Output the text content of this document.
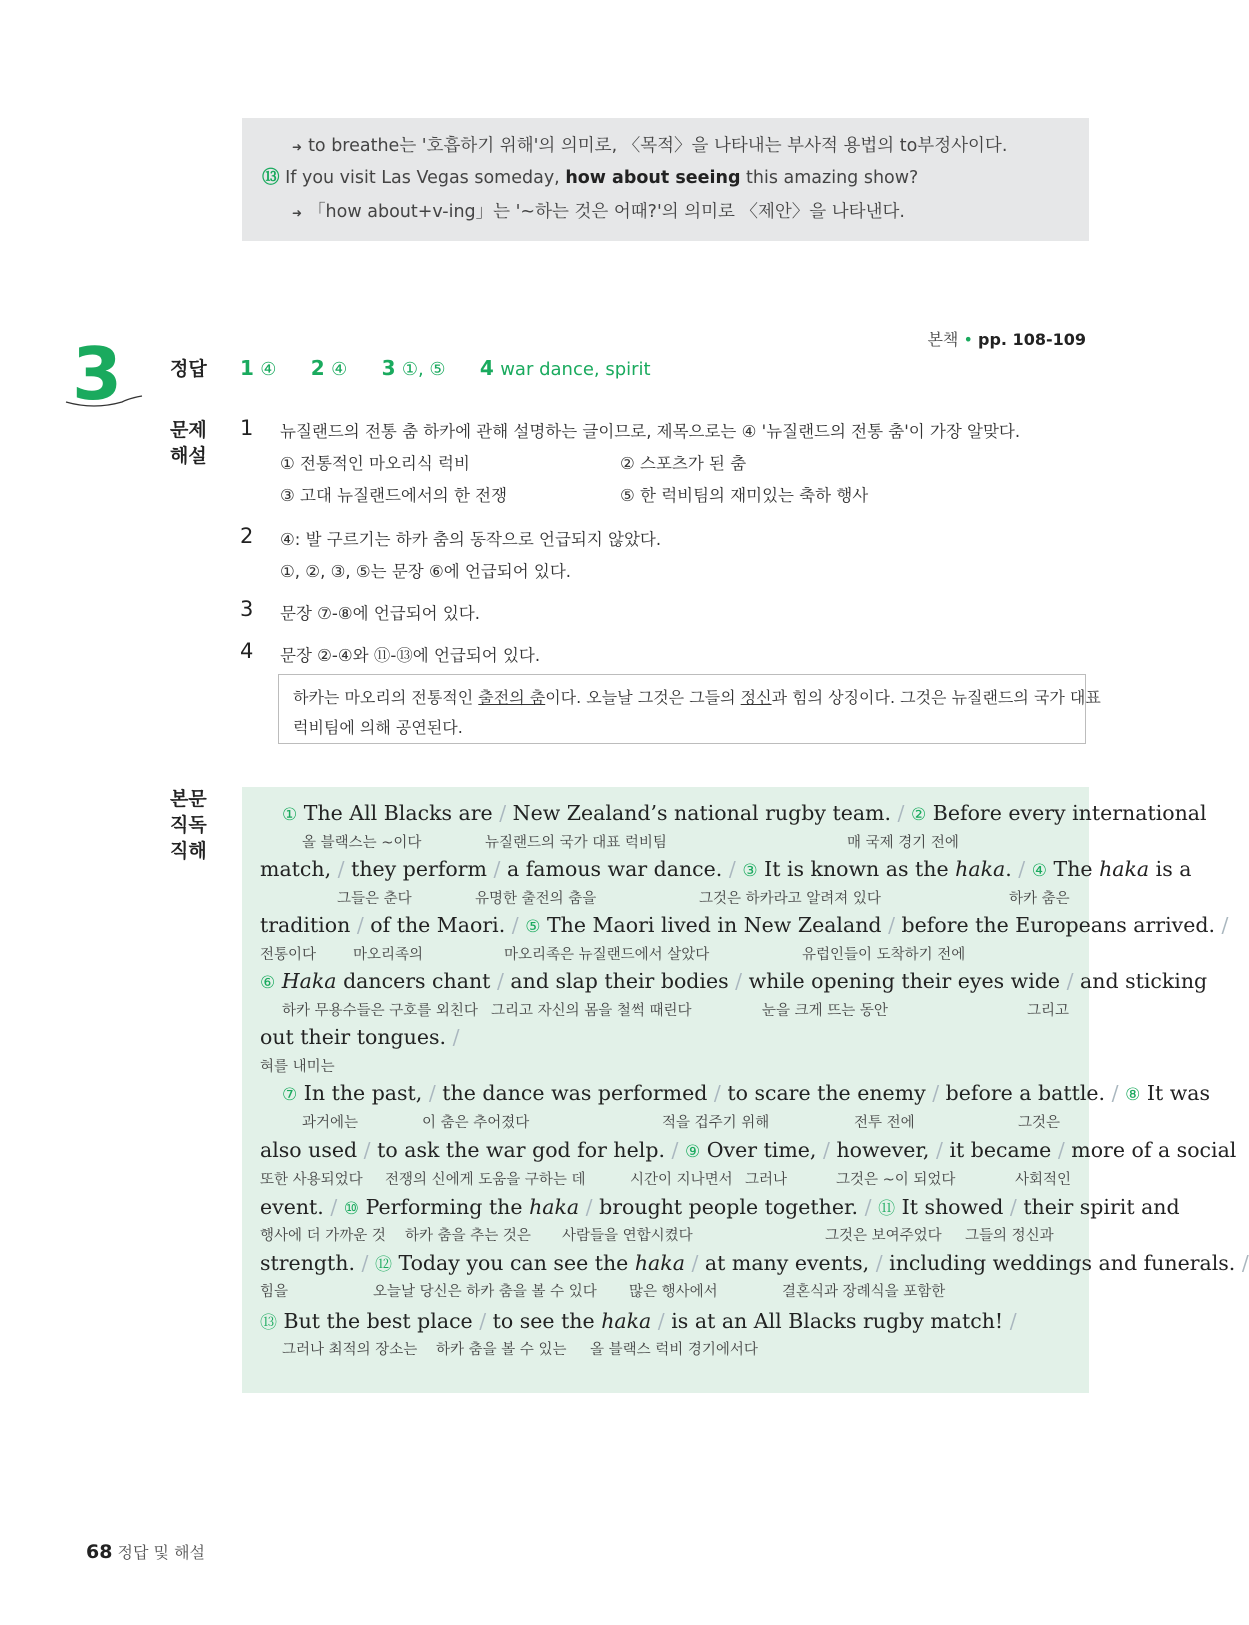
➜ to breathe는 '호흡하기 위해'의 의미로, 〈목적〉을 나타내는 부사적 용법의 to부정사이다.
⑬ If you visit Las Vegas someday, how about seeing this amazing show?
➜ 「how about+v-ing」는 '~하는 것은 어때?'의 의미로 〈제안〉을 나타낸다.
3	본책 • pp. 108-109
정답 1 ④ 2 ④ 3 ①, ⑤ 4 war dance, spirit
문제
해설
1 뉴질랜드의 전통 춤 하카에 관해 설명하는 글이므로, 제목으로는 ④ '뉴질랜드의 전통 춤'이 가장 알맞다.
① 전통적인 마오리식 럭비	② 스포츠가 된 춤
③ 고대 뉴질랜드에서의 한 전쟁	⑤ 한 럭비팀의 재미있는 축하 행사
2 ④: 발 구르기는 하카 춤의 동작으로 언급되지 않았다.
①, ②, ③, ⑤는 문장 ⑥에 언급되어 있다.
3 문장 ⑦-⑧에 언급되어 있다.
4 문장 ②-④와 ⑪-⑬에 언급되어 있다.
하카는 마오리의 전통적인 출전의 춤이다. 오늘날 그것은 그들의 정신과 힘의 상징이다. 그것은 뉴질랜드의 국가 대표
럭비팀에 의해 공연된다.
본문
직독
직해
① The All Blacks are / New Zealand’s national rugby team. / ② Before every international
올 블랙스는 ~이다	뉴질랜드의 국가 대표 럭비팀	매 국제 경기 전에
match, / they perform / a famous war dance. / ③ It is known as the haka. / ④ The haka is a
그들은 춘다	유명한 출전의 춤을	그것은 하카라고 알려져 있다	하카 춤은
tradition / of the Maori. / ⑤ The Maori lived in New Zealand / before the Europeans arrived. /
전통이다	마오리족의	마오리족은 뉴질랜드에서 살았다	유럽인들이 도착하기 전에
⑥ Haka dancers chant / and slap their bodies / while opening their eyes wide / and sticking
하카 무용수들은 구호를 외친다 그리고 자신의 몸을 철썩 때린다	눈을 크게 뜨는 동안	그리고
out their tongues. /
혀를 내미는
⑦ In the past, / the dance was performed / to scare the enemy / before a battle. / ⑧ It was
과거에는	이 춤은 추어졌다	적을 겁주기 위해	전투 전에	그것은
also used / to ask the war god for help. / ⑨ Over time, / however, / it became / more of a social
또한 사용되었다 전쟁의 신에게 도움을 구하는 데	시간이 지나면서 그러나	그것은 ~이 되었다	사회적인
event. / ⑩ Performing the haka / brought people together. / ⑪ It showed / their spirit and
행사에 더 가까운 것 하카 춤을 추는 것은 사람들을 연합시켰다	그것은 보여주었다 그들의 정신과
strength. / ⑫ Today you can see the haka / at many events, / including weddings and funerals. /
힘을	오늘날 당신은 하카 춤을 볼 수 있다 많은 행사에서	결혼식과 장례식을 포함한
⑬ But the best place / to see the haka / is at an All Blacks rugby match! /
그러나 최적의 장소는 하카 춤을 볼 수 있는 올 블랙스 럭비 경기에서다
68 정답 및 해설
